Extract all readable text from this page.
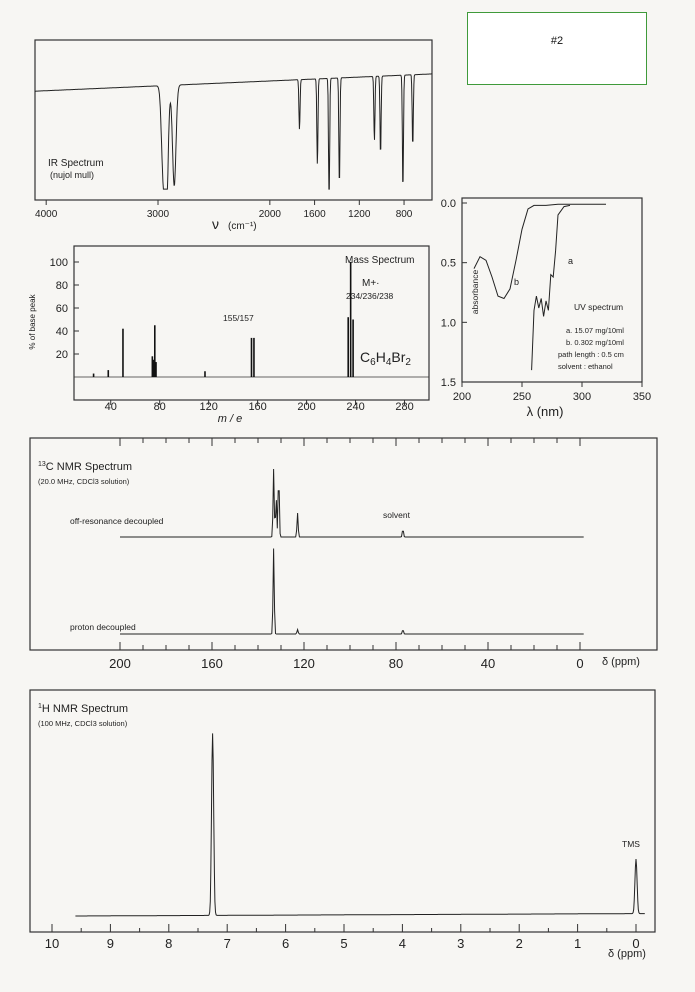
#2
IR Spectrum
(nujol mull)
4000	3000	2000 1600 1200	800
ν (cm⁻¹)
100
80
60
40
20
40	80	120	160	200	240	280
% of base peak
Mass Spectrum
M+·
234/236/238
155/157
$C_6H_4Br_2$
m / e
0.0
0.5
1.0
1.5
200	250	300	350
b
a
absorbance	UV spectrum
a. 15.07 mg/10ml
b. 0.302 mg/10ml
path length : 0.5 cm
solvent : ethanol
λ (nm)
$^{13}$C NMR Spectrum
(20.0 MHz, CDCl3 solution)
off-resonance decoupled
proton decoupled
solvent
200	160	120	80	40	0 δ (ppm)
$^1$H NMR Spectrum
(100 MHz, CDCl3 solution)
TMS
10	9	8	7	6	5	4	3	2	1	0
δ (ppm)
